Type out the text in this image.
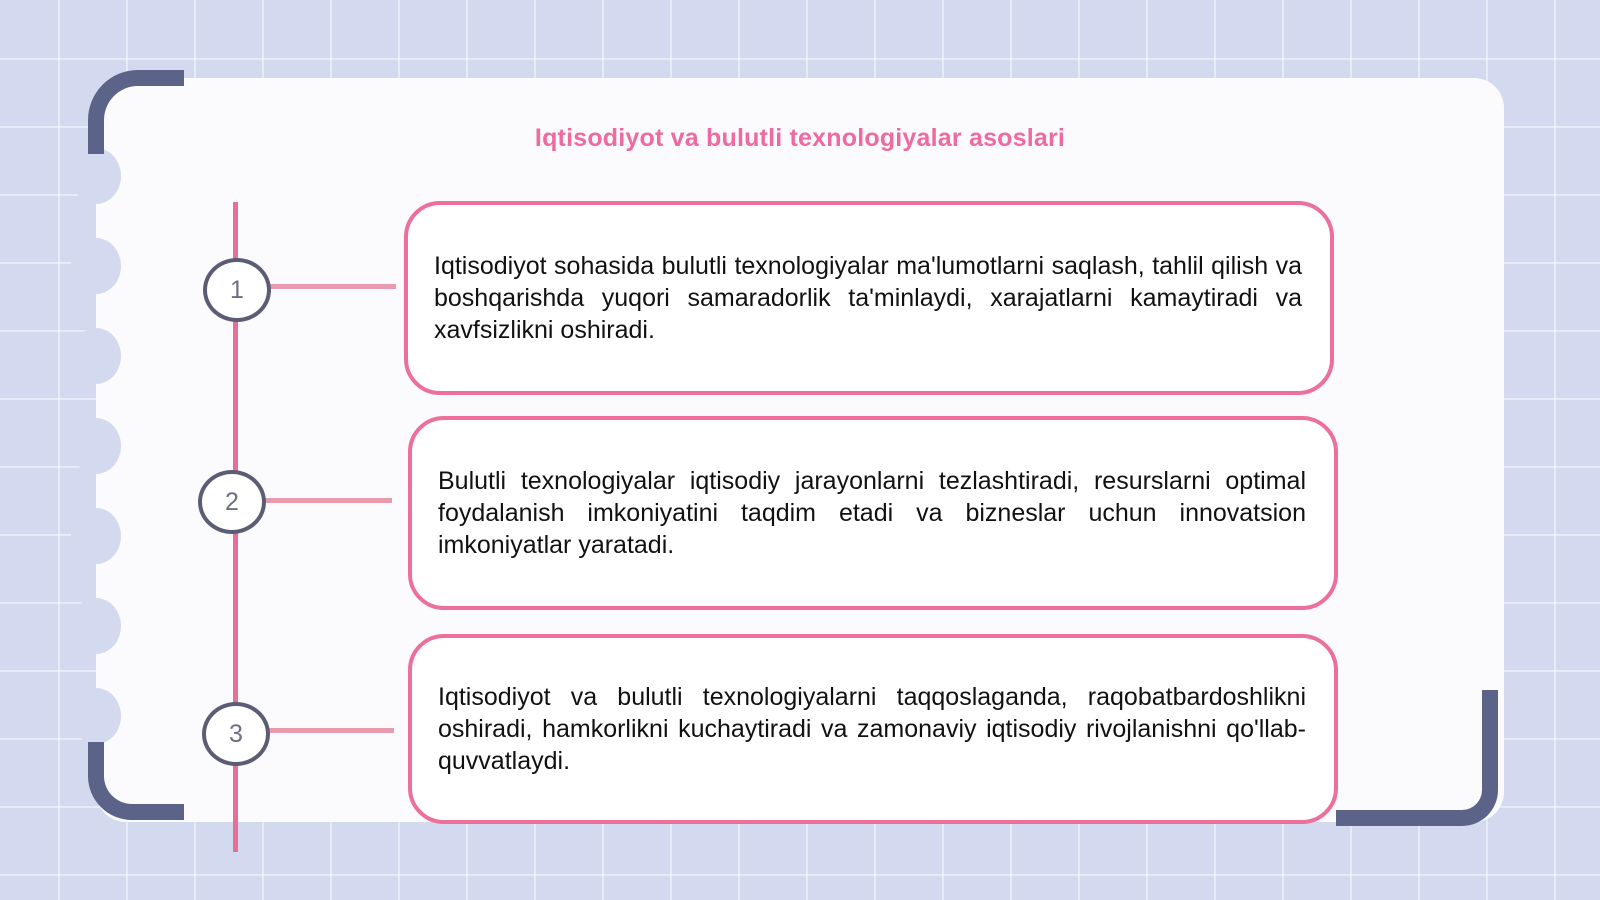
Iqtisodiyot va bulutli texnologiyalar asoslari
1
2
3

Iqtisodiyot sohasida bulutli texnologiyalar ma'lumotlarni saqlash, tahlil qilish va boshqarishda yuqori samaradorlik ta'minlaydi, xarajatlarni kamaytiradi va xavfsizlikni oshiradi.

Bulutli texnologiyalar iqtisodiy jarayonlarni tezlashtiradi, resurslarni optimal foydalanish imkoniyatini taqdim etadi va bizneslar uchun innovatsion imkoniyatlar yaratadi.

Iqtisodiyot va bulutli texnologiyalarni taqqoslaganda, raqobatbardoshlikni oshiradi, hamkorlikni kuchaytiradi va zamonaviy iqtisodiy rivojlanishni qo'llab-quvvatlaydi.
